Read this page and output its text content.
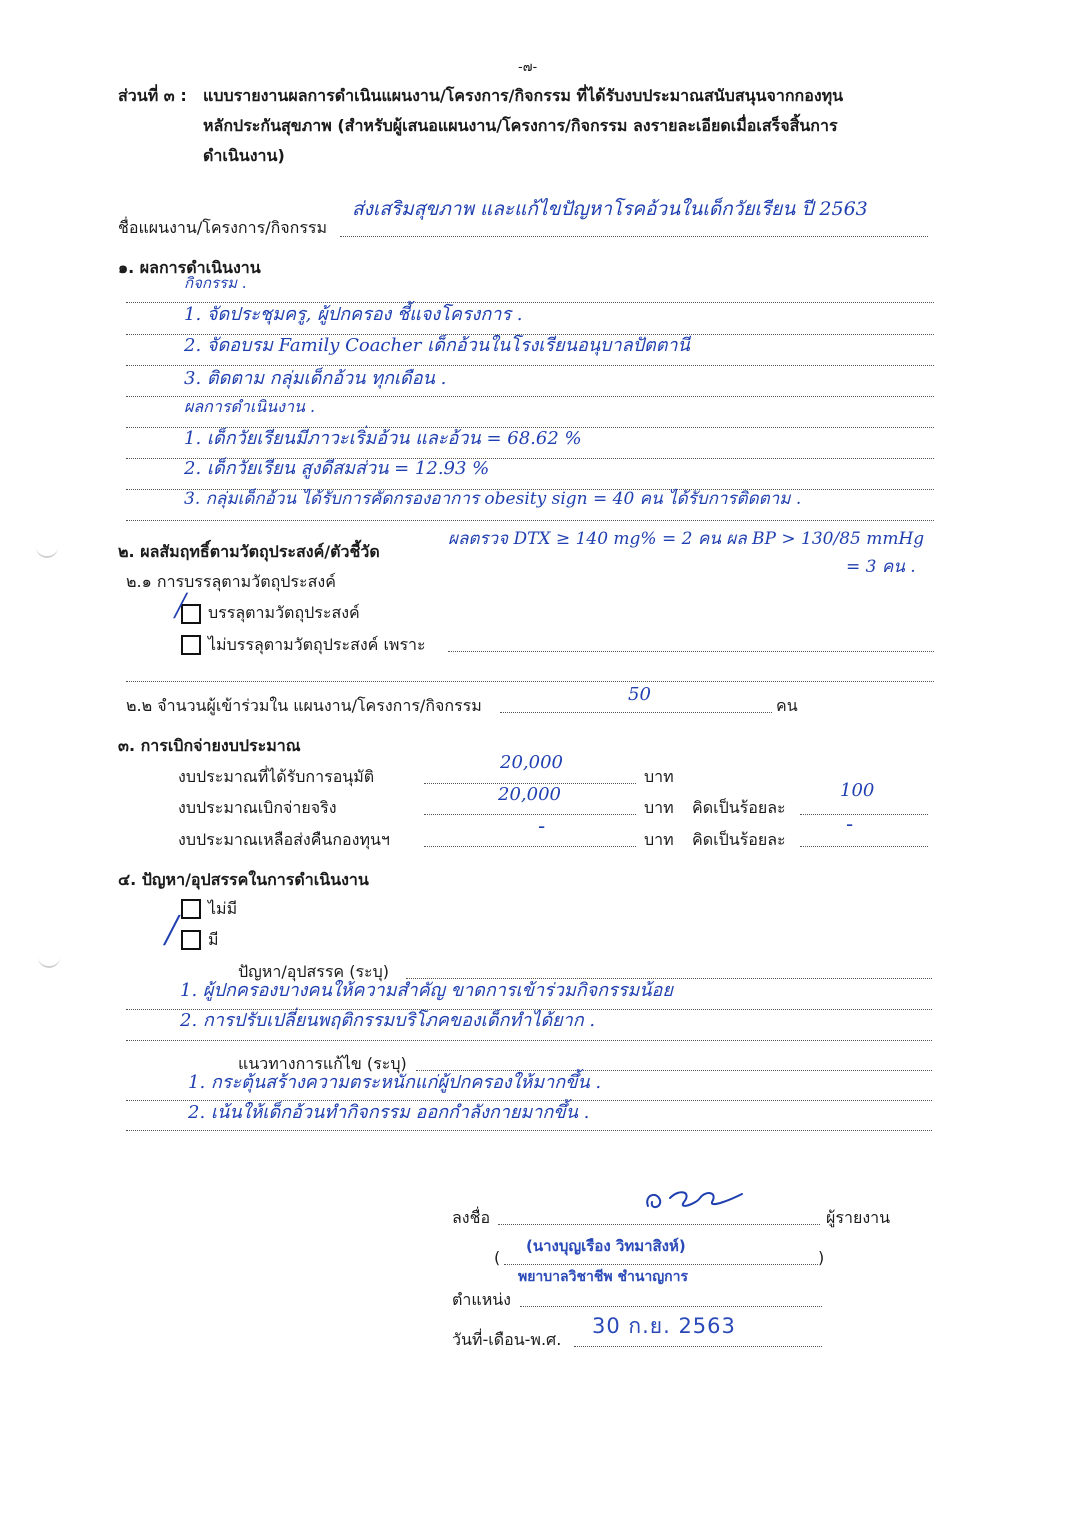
-๗-
ส่วนที่ ๓ : แบบรายงานผลการดำเนินแผนงาน/โครงการ/กิจกรรม ที่ได้รับงบประมาณสนับสนุนจากกองทุน
หลักประกันสุขภาพ (สำหรับผู้เสนอแผนงาน/โครงการ/กิจกรรม ลงรายละเอียดเมื่อเสร็จสิ้นการ
ดำเนินงาน)
ชื่อแผนงาน/โครงการ/กิจกรรม
ส่งเสริมสุขภาพ และแก้ไขปัญหาโรคอ้วนในเด็กวัยเรียน ปี 2563
๑. ผลการดำเนินงาน
กิจกรรม .
1. จัดประชุมครู, ผู้ปกครอง ชี้แจงโครงการ .
2. จัดอบรม Family Coacher เด็กอ้วนในโรงเรียนอนุบาลปัตตานี
3. ติดตาม กลุ่มเด็กอ้วน ทุกเดือน .
ผลการดำเนินงาน .
1. เด็กวัยเรียนมีภาวะเริ่มอ้วน และอ้วน = 68.62 %
2. เด็กวัยเรียน สูงดีสมส่วน = 12.93 %
3. กลุ่มเด็กอ้วน ได้รับการคัดกรองอาการ obesity sign = 40 คน ได้รับการติดตาม .
ผลตรวจ DTX ≥ 140 mg% = 2 คน ผล BP > 130/85 mmHg
= 3 คน .
๒. ผลสัมฤทธิ์ตามวัตถุประสงค์/ตัวชี้วัด
๒.๑ การบรรลุตามวัตถุประสงค์
╱ บรรลุตามวัตถุประสงค์
ไม่บรรลุตามวัตถุประสงค์ เพราะ
๒.๒ จำนวนผู้เข้าร่วมใน แผนงาน/โครงการ/กิจกรรม
50
คน
๓. การเบิกจ่ายงบประมาณ
งบประมาณที่ได้รับการอนุมัติ
20,000
บาท
งบประมาณเบิกจ่ายจริง
20,000
บาท คิดเป็นร้อยละ
100
งบประมาณเหลือส่งคืนกองทุนฯ
-
บาท คิดเป็นร้อยละ
-
๔. ปัญหา/อุปสรรคในการดำเนินงาน
ไม่มี
╱ มี
ปัญหา/อุปสรรค (ระบุ)
1. ผู้ปกครองบางคนให้ความสำคัญ ขาดการเข้าร่วมกิจกรรมน้อย
2. การปรับเปลี่ยนพฤติกรรมบริโภคของเด็กทำได้ยาก .
แนวทางการแก้ไข (ระบุ)
1. กระตุ้นสร้างความตระหนักแก่ผู้ปกครองให้มากขึ้น .
2. เน้นให้เด็กอ้วนทำกิจกรรม ออกกำลังกายมากขึ้น .
ลงชื่อ	ผู้รายงาน
(	)
(นางบุญเรือง วิทมาสิงห์)
พยาบาลวิชาชีพ ชำนาญการ
ตำแหน่ง
วันที่-เดือน-พ.ศ.
30 ก.ย. 2563
